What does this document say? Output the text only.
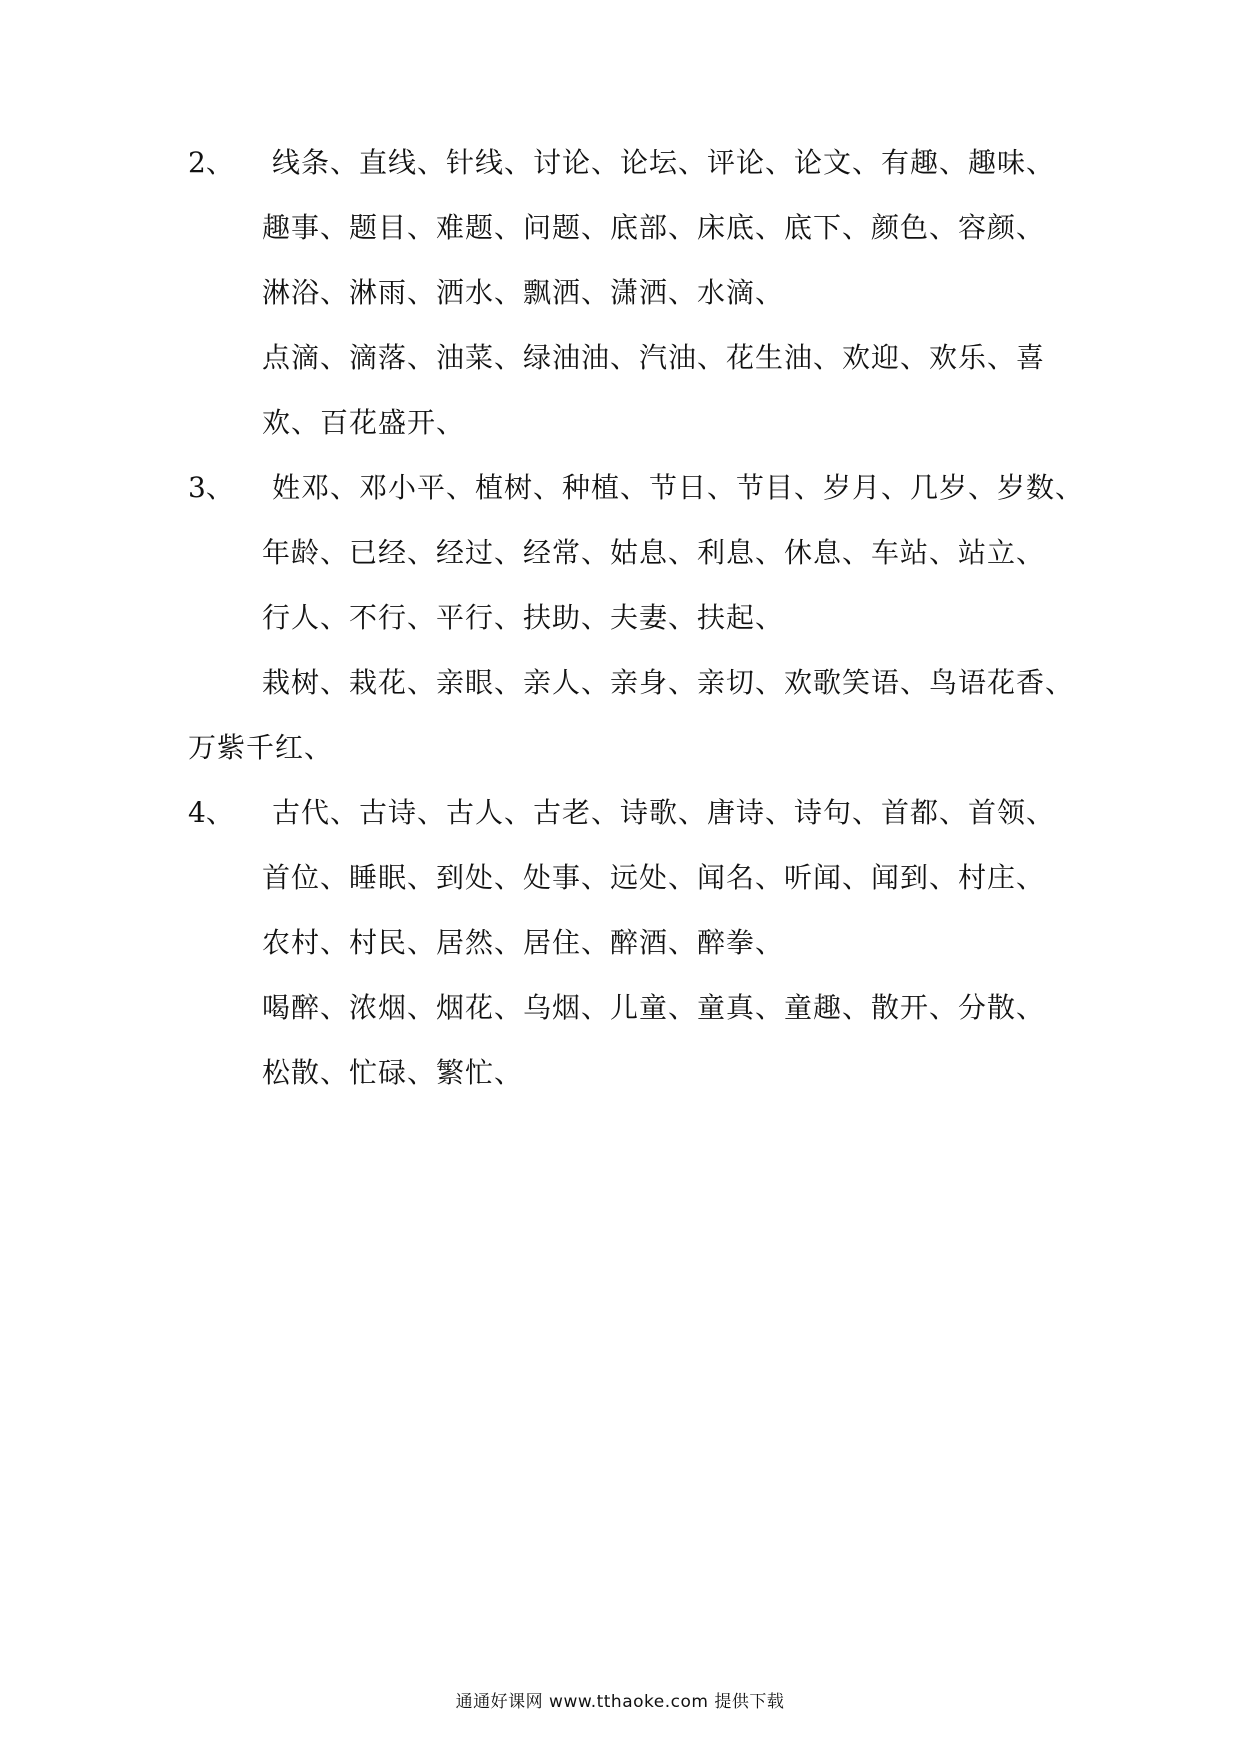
2、 线条、直线、针线、讨论、论坛、评论、论文、有趣、趣味、
趣事、题目、难题、问题、底部、床底、底下、颜色、容颜、
淋浴、淋雨、洒水、飘洒、潇洒、水滴、
点滴、滴落、油菜、绿油油、汽油、花生油、欢迎、欢乐、喜
欢、百花盛开、
3、 姓邓、邓小平、植树、种植、节日、节目、岁月、几岁、岁数、
年龄、已经、经过、经常、姑息、利息、休息、车站、站立、
行人、不行、平行、扶助、夫妻、扶起、
栽树、栽花、亲眼、亲人、亲身、亲切、欢歌笑语、鸟语花香、
万紫千红、
4、 古代、古诗、古人、古老、诗歌、唐诗、诗句、首都、首领、
首位、睡眠、到处、处事、远处、闻名、听闻、闻到、村庄、
农村、村民、居然、居住、醉酒、醉拳、
喝醉、浓烟、烟花、乌烟、儿童、童真、童趣、散开、分散、
松散、忙碌、繁忙、
通通好课网 www.tthaoke.com 提供下载
